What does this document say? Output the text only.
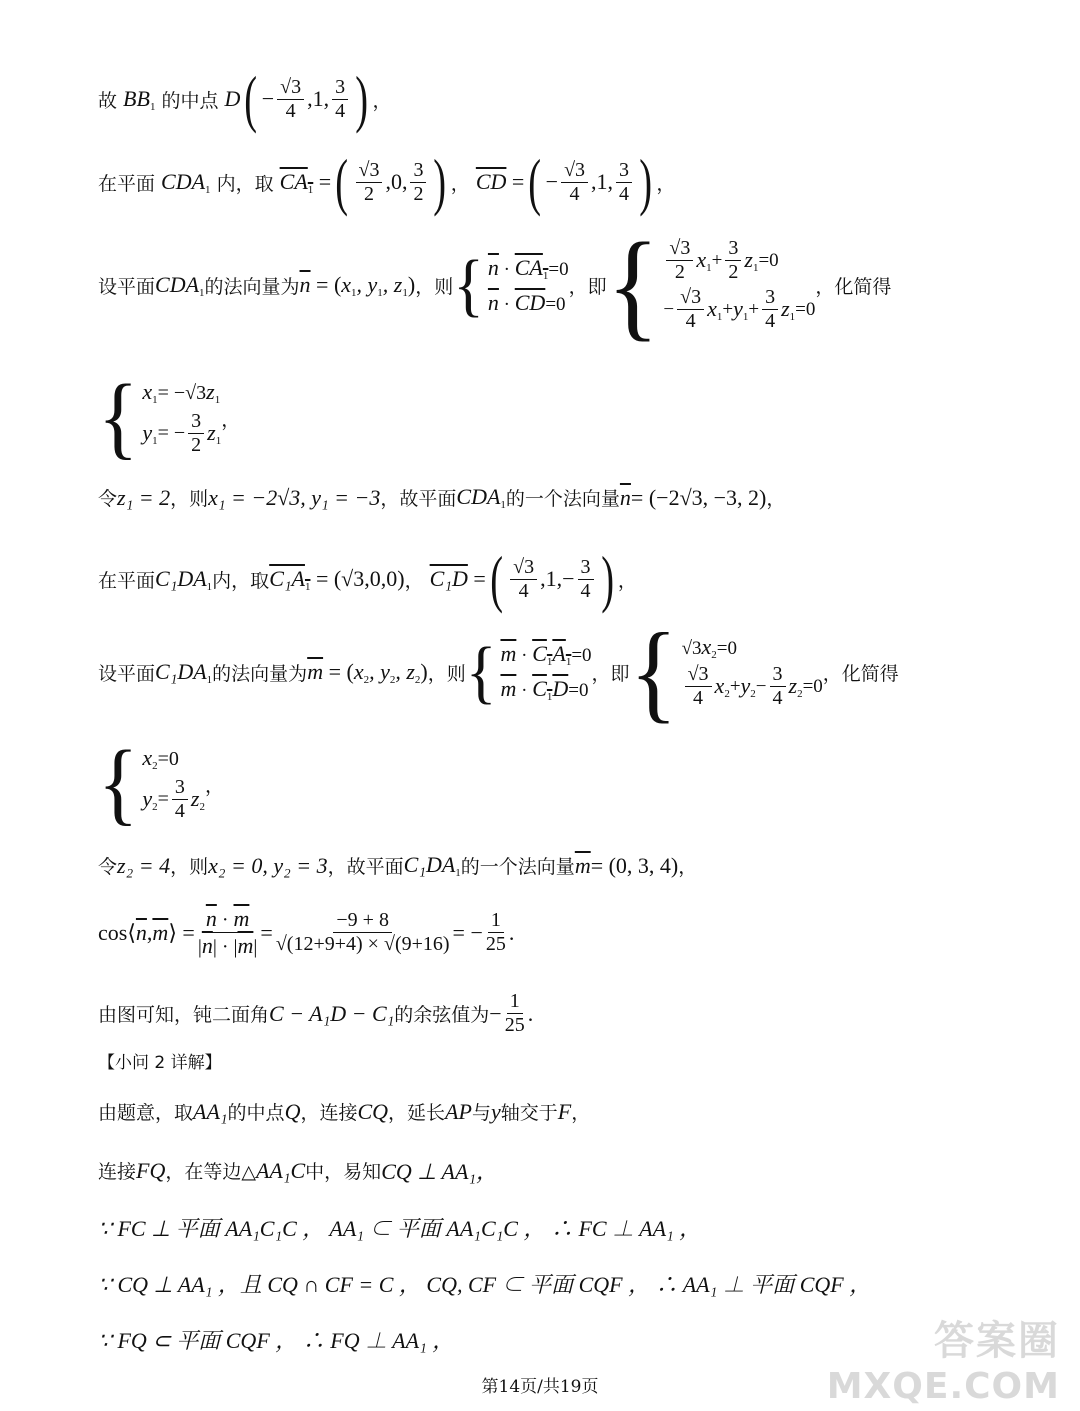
故 $BB_1$ 的中点 D ( − $\frac{√3}{4} ,1$, $\frac{3}{4}$ ) ，
在平面 $CDA_1$ 内，取 $CA_1$ = ( $\frac{√3}{2} ,0$, $\frac{3}{2}$ ) ， $\overline{CD}$ = ( − $\frac{√3}{4} ,1$, $\frac{3}{4}$ ) ，
设平面 $CDA_1$ 的法向量为 $\overline{n}$ = ( $x_1$, $y_1$, $z_1$ ) ，则 { $\overline{n} \cdot CA_1=0$
$\overline{n} \cdot \overline{CD}=0$
，即 { $\frac{√3}{2} x_1 + \frac{3}{2} z_1 =0$
− $\frac{√3}{4} x_1 + y_1 + \frac{3}{4} z_1 =0$
，化简得
{ $x_1= -√3z_1$
$y_1$ = − $\frac{3}{2} z_1$
，
令 z₁ = 2 ，则 x₁ = −2√3, y₁ = −3 ，故平面 $CDA_1$ 的一个法向量 $\overline{n} = (-2√3$, −3, 2) ，
在平面 $C_1DA_1$ 内，取 $C_1A_1 = (√3,0,0)$ ， C₁D = ( $\frac{√3}{4} ,1,- \frac{3}{4}$ ) ，
设平面 $C_1DA_1$ 的法向量为 $\overline{m}$ = ( $x_2$, $y_2$, $z_2$ ) ，则 { $\overline{m} \cdot C_1A_1=0$
$\overline{m} \cdot C_1D=0$
，即 { $√3x_2=0$
$\frac{√3}{4} x_2 + y_2 - \frac{3}{4} z_2 =0$
，化简得
{ $x_2=0$
$y_2 = \frac{3}{4} z_2$
，
令 z₂ = 4 ，则 x₂ = 0, y₂ = 3 ，故平面 $C_1DA_1$ 的一个法向量 $\overline{m} = (0$, 3, 4) ，
$\cos⟨\overline{n},\overline{m}⟩ = \frac{\overline{n} \cdot \overline{m}}{|\overline{n}| \cdot |\overline{m}|} = \frac{-9 + 8}{√(12+9+4) \times √(9+16)}$ = − $\frac{1}{25}$ .
由图可知，钝二面角 C − A₁D − C₁ 的余弦值为 − $\frac{1}{25}$ .
【小问 2 详解】
由题意，取 AA₁ 的中点 Q ，连接 CQ ，延长 AP 与 y 轴交于 F ，
连接 FQ ，在等边△ AA₁C 中，易知 CQ ⊥ AA₁，
∵ FC ⊥ 平面 AA₁C₁C ， AA₁ ⊂ 平面 AA₁C₁C ， ∴ FC ⊥ AA₁ ，
∵ CQ ⊥ AA₁ ，且 CQ ∩ CF = C ， CQ, CF ⊂ 平面 CQF ， ∴ AA₁ ⊥ 平面 CQF ，
∵ FQ ⊂ 平面 CQF ， ∴ FQ ⊥ AA₁ ，
第14页/共19页
答案圈
MXQE.COM
